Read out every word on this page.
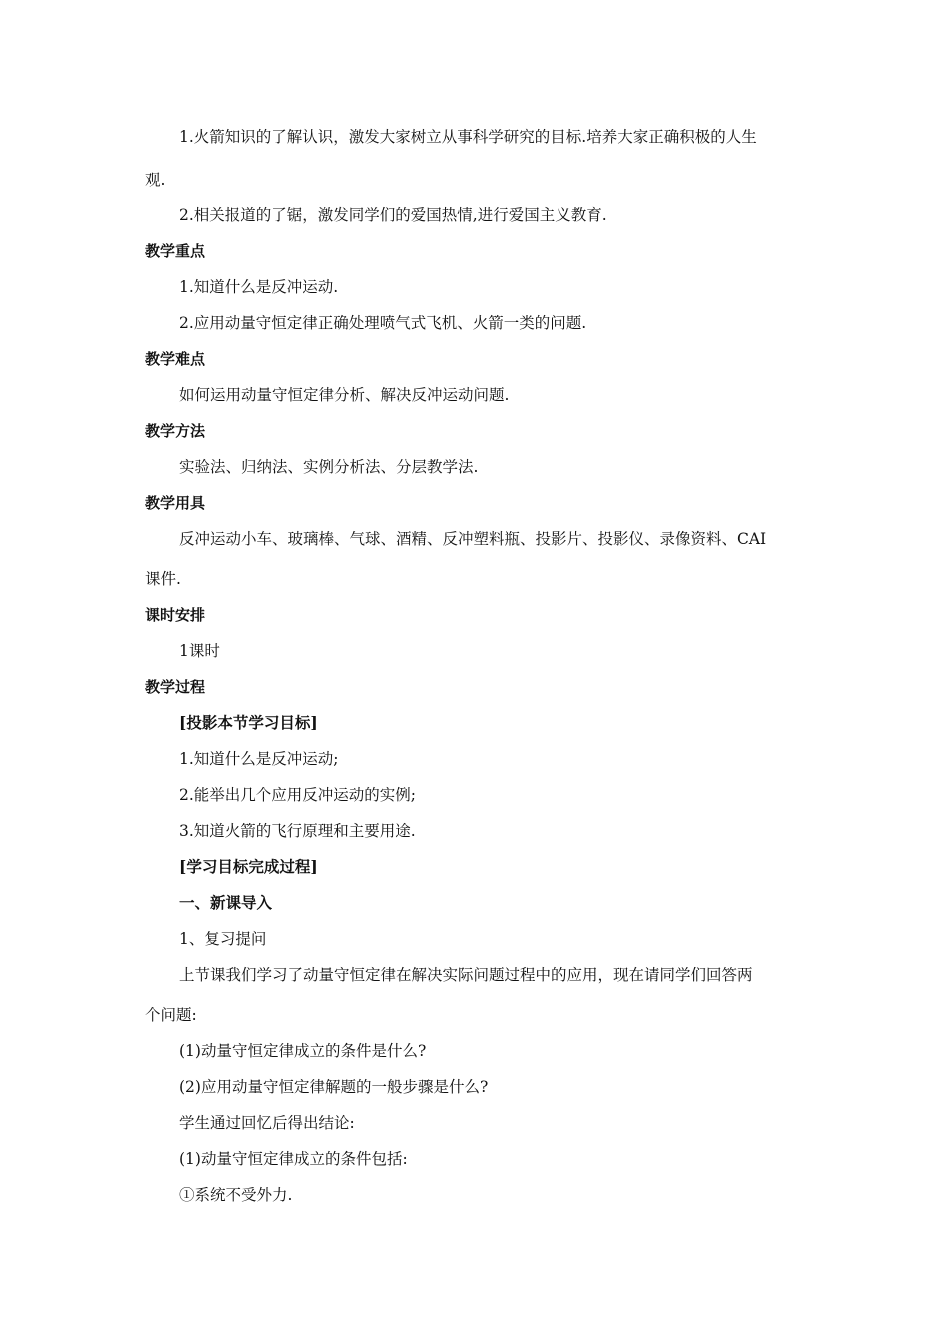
1.火箭知识的了解认识，激发大家树立从事科学研究的目标.培养大家正确积极的人生
观.
2.相关报道的了锯，激发同学们的爱国热情,进行爱国主义教育.
教学重点
1.知道什么是反冲运动.
2.应用动量守恒定律正确处理喷气式飞机、火箭一类的问题.
教学难点
如何运用动量守恒定律分析、解决反冲运动问题.
教学方法
实验法、归纳法、实例分析法、分层教学法.
教学用具
反冲运动小车、玻璃棒、气球、酒精、反冲塑料瓶、投影片、投影仪、录像资料、CAI
课件.
课时安排
1课时
教学过程
[投影本节学习目标]
1.知道什么是反冲运动;
2.能举出几个应用反冲运动的实例;
3.知道火箭的飞行原理和主要用途.
[学习目标完成过程]
一、新课导入
1、复习提问
上节课我们学习了动量守恒定律在解决实际问题过程中的应用，现在请同学们回答两
个问题:
(1)动量守恒定律成立的条件是什么?
(2)应用动量守恒定律解题的一般步骤是什么?
学生通过回忆后得出结论:
(1)动量守恒定律成立的条件包括:
①系统不受外力.
